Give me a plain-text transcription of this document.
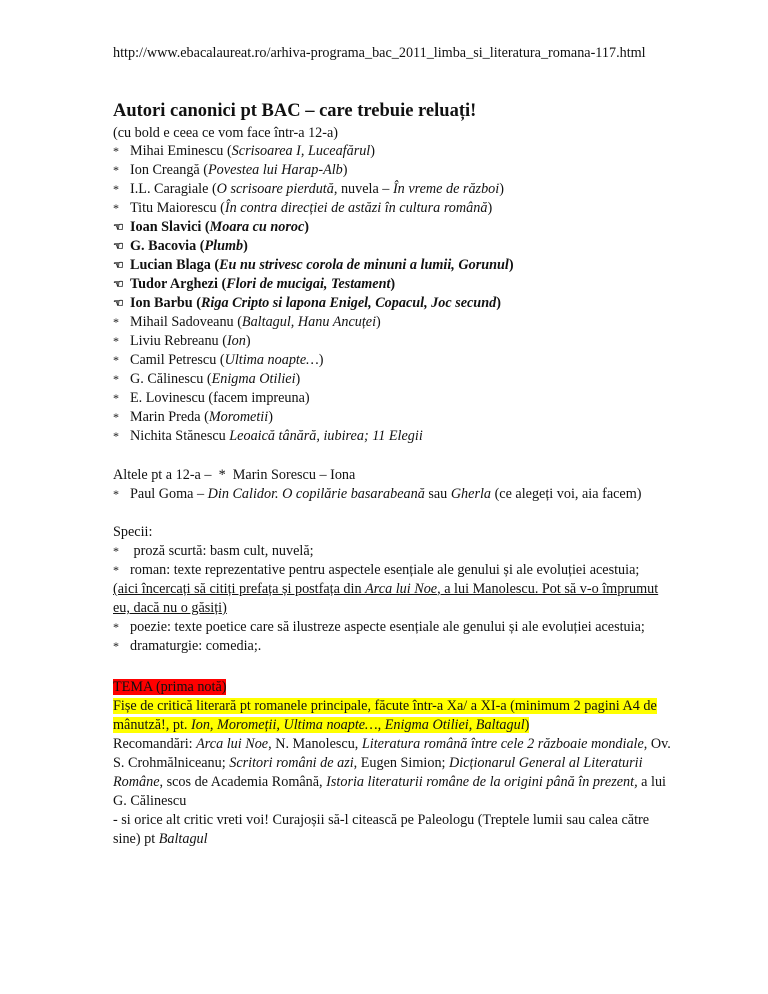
http://www.ebacalaureat.ro/arhiva-programa_bac_2011_limba_si_literatura_romana-117.html
Autori canonici pt BAC – care trebuie reluați!
(cu bold e ceea ce vom face într-a 12-a)
* Mihai Eminescu (Scrisoarea I, Luceafărul)
* Ion Creangă (Povestea lui Harap-Alb)
* I.L. Caragiale (O scrisoare pierdută, nuvela – În vreme de război)
* Titu Maiorescu (În contra direcției de astăzi în cultura română)
☜ Ioan Slavici (Moara cu noroc)
☜ G. Bacovia (Plumb)
☜ Lucian Blaga (Eu nu strivesc corola de minuni a lumii, Gorunul)
☜ Tudor Arghezi (Flori de mucigai, Testament)
☜ Ion Barbu (Riga Cripto si lapona Enigel, Copacul, Joc secund)
* Mihail Sadoveanu (Baltagul, Hanu Ancuței)
* Liviu Rebreanu (Ion)
* Camil Petrescu (Ultima noapte…)
* G. Călinescu (Enigma Otiliei)
* E. Lovinescu (facem impreuna)
* Marin Preda (Morometii)
* Nichita Stănescu Leoaică tânără, iubirea; 11 Elegii
Altele pt a 12-a – * Marin Sorescu – Iona
* Paul Goma – Din Calidor. O copilărie basarabeană sau Gherla (ce alegeți voi, aia facem)

Specii:

* proză scurtă: basm cult, nuvelă;

* roman: texte reprezentative pentru aspectele esențiale ale genului și ale evoluției acestuia;

(aici încercați să citiți prefața și postfața din Arca lui Noe, a lui Manolescu. Pot să v-o împrumut eu, dacă nu o găsiți)

* poezie: texte poetice care să ilustreze aspecte esențiale ale genului și ale evoluției acestuia;

* dramaturgie: comedia;.

TEMA (prima notă)

Fișe de critică literară pt romanele principale, făcute într-a Xa/ a XI-a (minimum 2 pagini A4 de mânutză!, pt. Ion, Moromeții, Ultima noapte…, Enigma Otiliei, Baltagul)

Recomandări: Arca lui Noe, N. Manolescu, Literatura română între cele 2 războaie mondiale, Ov. S. Crohmălniceanu; Scritori români de azi, Eugen Simion; Dicționarul General al Literaturii Române, scos de Academia Română, Istoria literaturii române de la origini până în prezent, a lui G. Călinescu

- si orice alt critic vreti voi! Curajoșii să-l citească pe Paleologu (Treptele lumii sau calea către sine) pt Baltagul
